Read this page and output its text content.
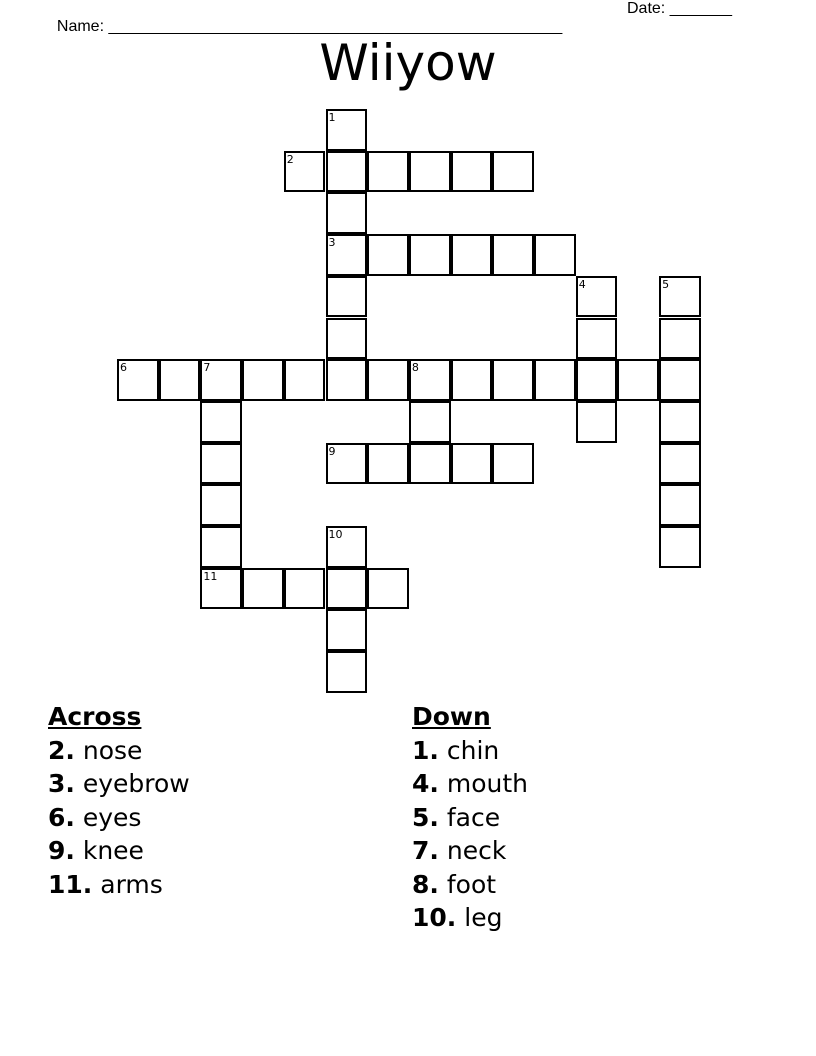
Name: ___________________________________________________

Date: _______

Wiiyow
1
2
3
4	5
6	7	8
9
10
11
Across
2. nose
3. eyebrow
6. eyes
9. knee
11. arms
Down
1. chin
4. mouth
5. face
7. neck
8. foot
10. leg
